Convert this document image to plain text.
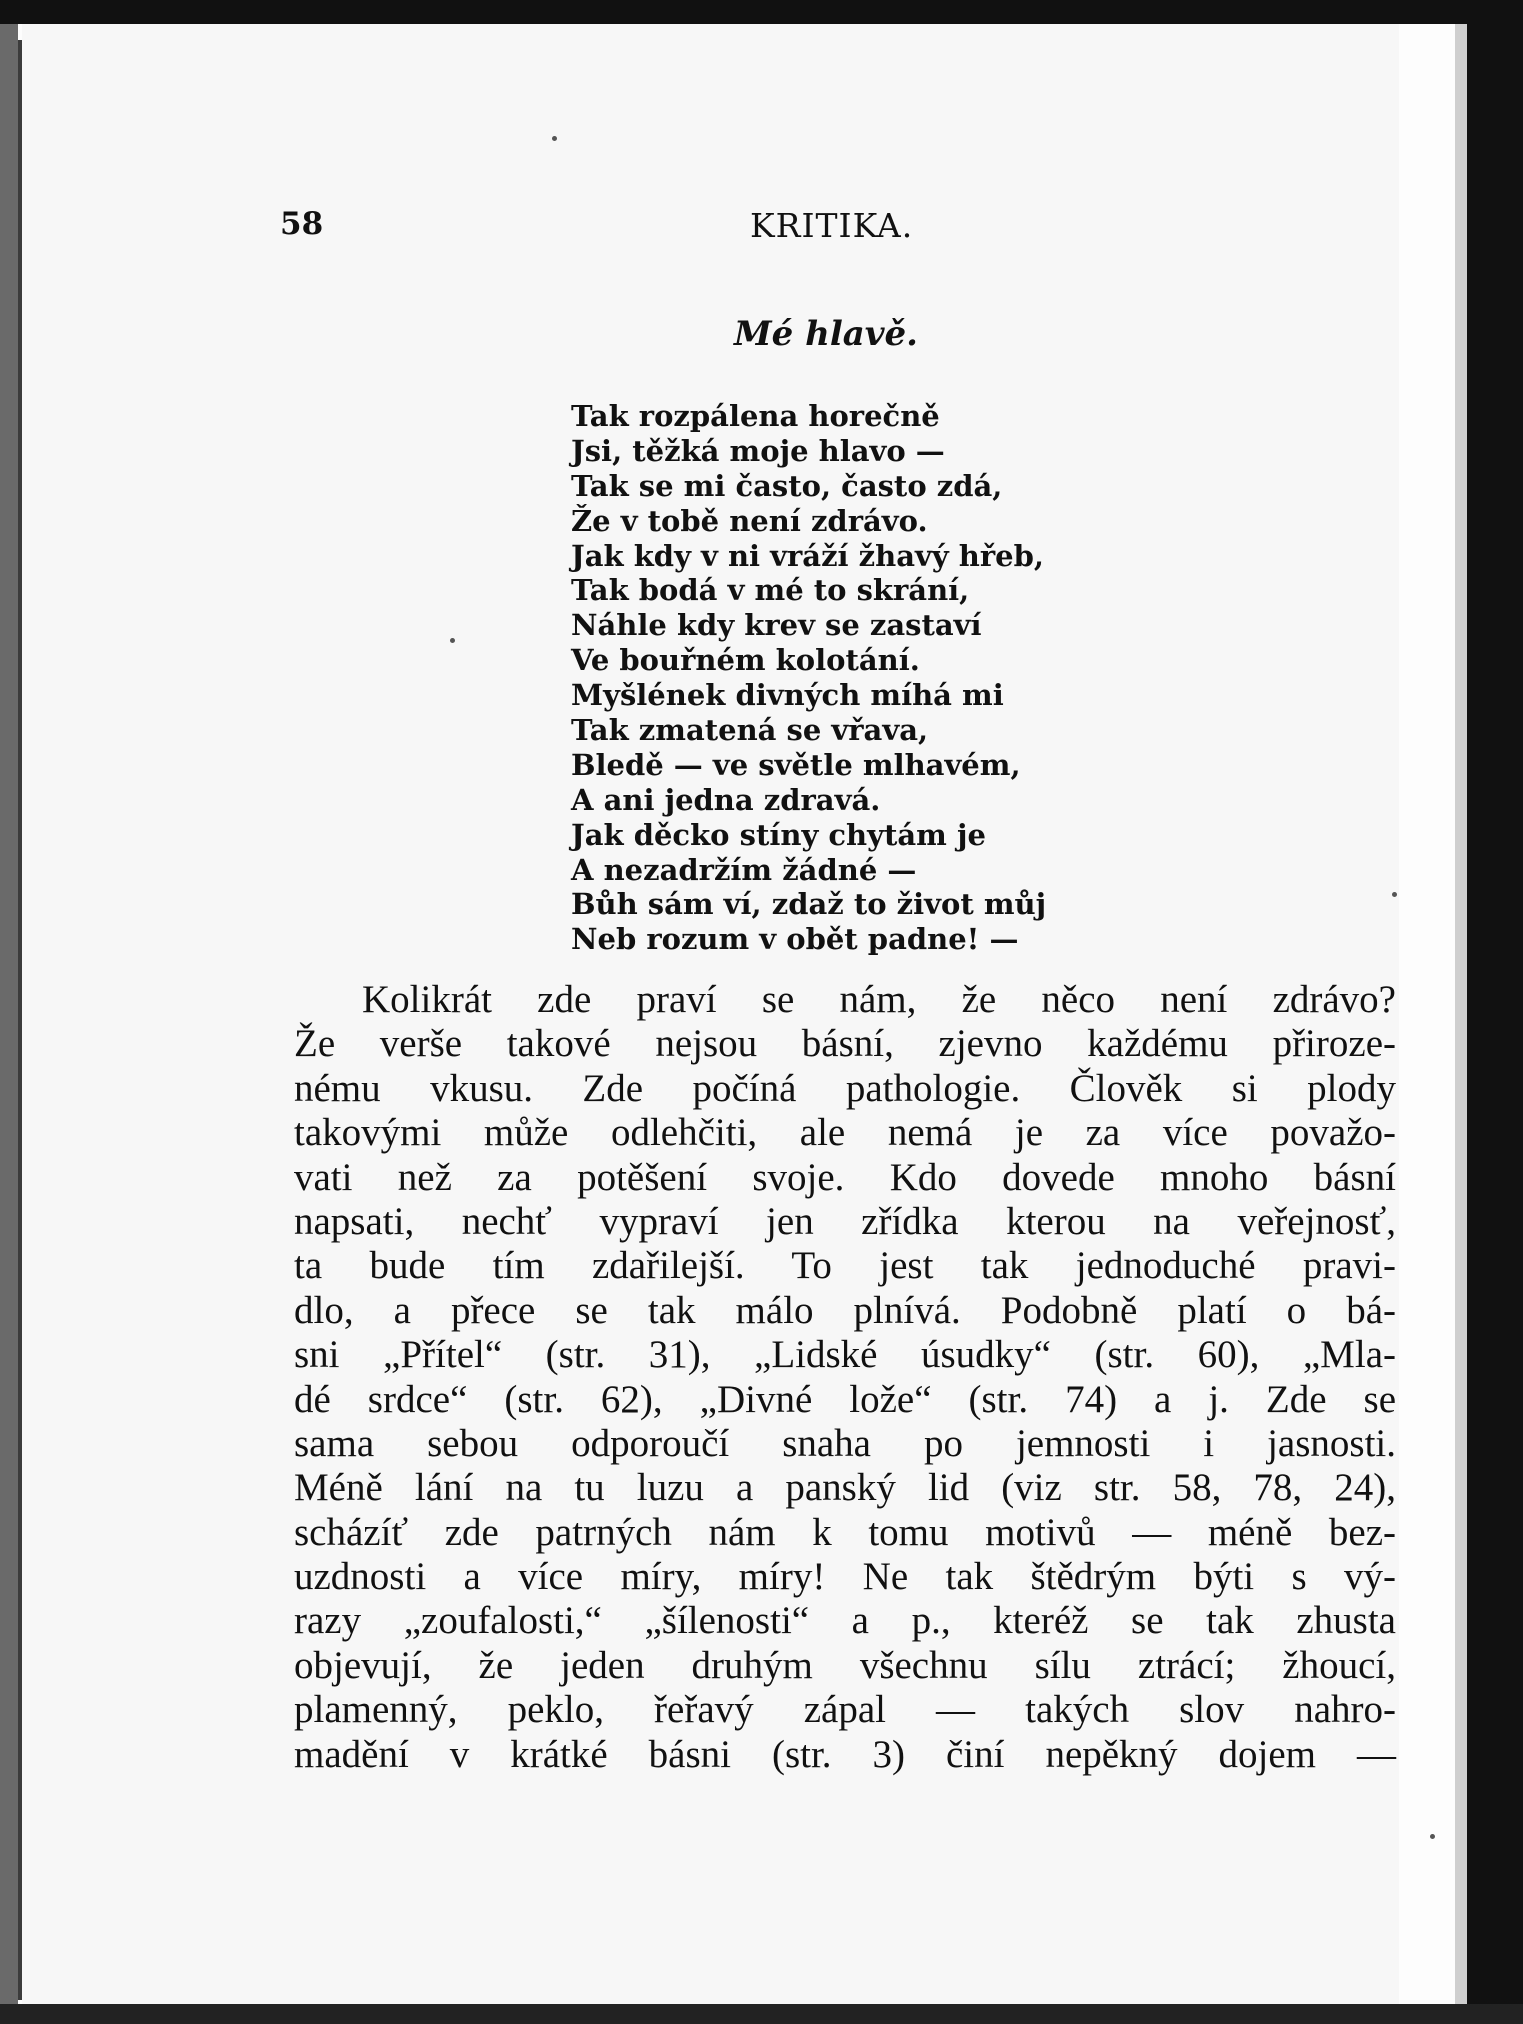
58	KRITIKA.
Mé hlavě.
Tak rozpálena horečně
Jsi, těžká moje hlavo —
Tak se mi často, často zdá,
Že v tobě není zdrávo.
Jak kdy v ni vráží žhavý hřeb,
Tak bodá v mé to skrání,
Náhle kdy krev se zastaví
Ve bouřném kolotání.
Myšlének divných míhá mi
Tak zmatená se vřava,
Bledě — ve světle mlhavém,
A ani jedna zdravá.
Jak děcko stíny chytám je
A nezadržím žádné —
Bůh sám ví, zdaž to život můj
Neb rozum v obět padne! —
Kolikrát zde praví se nám, že něco není zdrávo?
Že verše takové nejsou básní, zjevno každému přiroze-
nému vkusu. Zde počíná pathologie. Člověk si plody
takovými může odlehčiti, ale nemá je za více považo-
vati než za potěšení svoje. Kdo dovede mnoho básní
napsati, nechť vypraví jen zřídka kterou na veřejnosť,
ta bude tím zdařilejší. To jest tak jednoduché pravi-
dlo, a přece se tak málo plnívá. Podobně platí o bá-
sni „Přítel“ (str. 31), „Lidské úsudky“ (str. 60), „Mla-
dé srdce“ (str. 62), „Divné lože“ (str. 74) a j. Zde se
sama sebou odporoučí snaha po jemnosti i jasnosti.
Méně lání na tu luzu a panský lid (viz str. 58, 78, 24),
scházíť zde patrných nám k tomu motivů — méně bez-
uzdnosti a více míry, míry! Ne tak štědrým býti s vý-
razy „zoufalosti,“ „šílenosti“ a p., kteréž se tak zhusta
objevují, že jeden druhým všechnu sílu ztrácí; žhoucí,
plamenný, peklo, řeřavý zápal — takých slov nahro-
madění v krátké básni (str. 3) činí nepěkný dojem —
